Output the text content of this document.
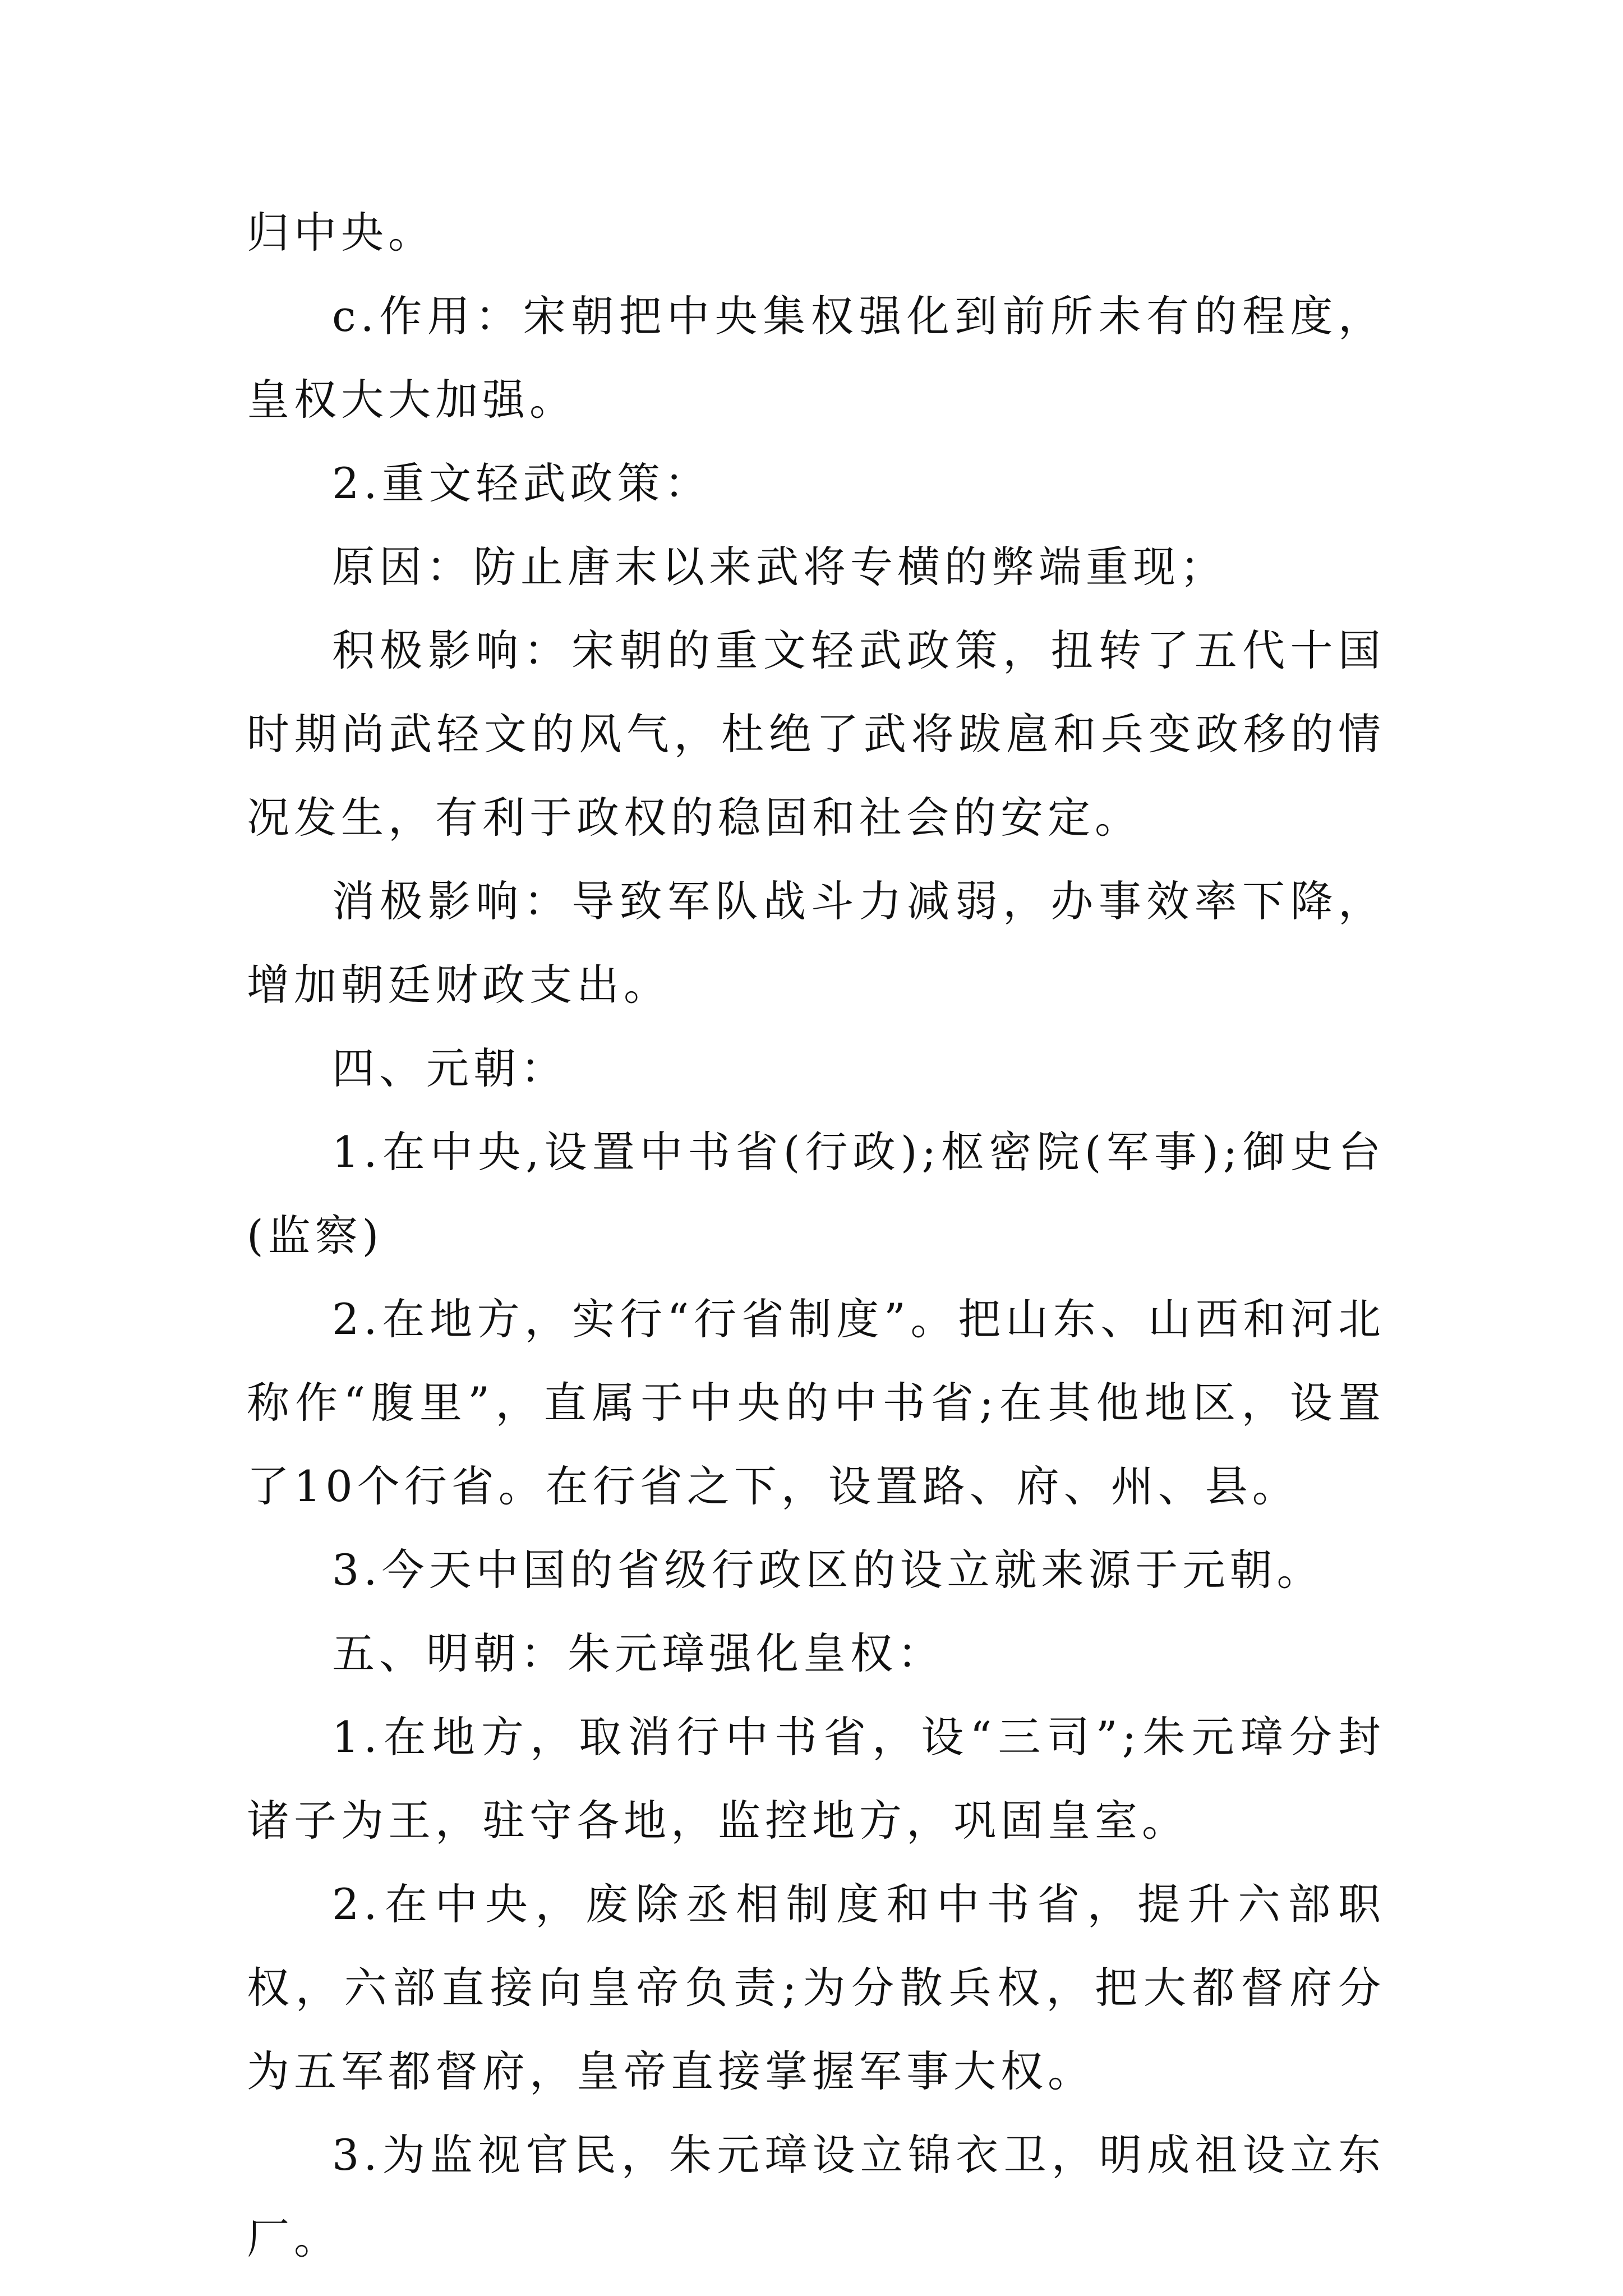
归中央。

c.作用：宋朝把中央集权强化到前所未有的程度，皇权大大加强。

2.重文轻武政策：

原因：防止唐末以来武将专横的弊端重现；

积极影响：宋朝的重文轻武政策，扭转了五代十国时期尚武轻文的风气，杜绝了武将跋扈和兵变政移的情况发生，有利于政权的稳固和社会的安定。

消极影响：导致军队战斗力减弱，办事效率下降，增加朝廷财政支出。

四、元朝：

1.在中央,设置中书省(行政);枢密院(军事);御史台(监察)

2.在地方，实行“行省制度”。把山东、山西和河北称作“腹里”，直属于中央的中书省;在其他地区，设置了10个行省。在行省之下，设置路、府、州、县。

3.今天中国的省级行政区的设立就来源于元朝。

五、明朝：朱元璋强化皇权：

1.在地方，取消行中书省，设“三司”;朱元璋分封诸子为王，驻守各地，监控地方，巩固皇室。

2.在中央，废除丞相制度和中书省，提升六部职权，六部直接向皇帝负责;为分散兵权，把大都督府分为五军都督府，皇帝直接掌握军事大权。

3.为监视官民，朱元璋设立锦衣卫，明成祖设立东厂。
